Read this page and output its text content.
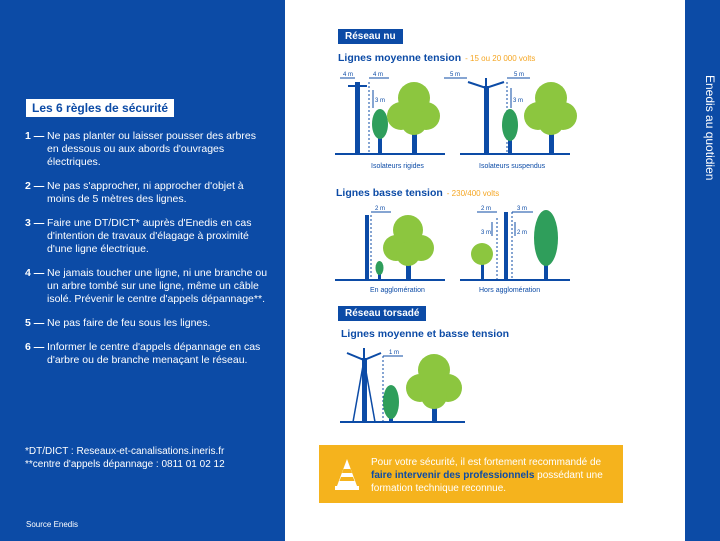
Les 6 règles de sécurité
1 — Ne pas planter ou laisser pousser des arbres en dessous ou aux abords d'ouvrages électriques.
2 — Ne pas s'approcher, ni approcher d'objet à moins de 5 mètres des lignes.
3 — Faire une DT/DICT* auprès d'Enedis en cas d'intention de travaux d'élagage à proximité d'une ligne électrique.
4 — Ne jamais toucher une ligne, ni une branche ou un arbre tombé sur une ligne, même un câble isolé. Prévenir le centre d'appels dépannage**.
5 — Ne pas faire de feu sous les lignes.
6 — Informer le centre d'appels dépannage en cas d'arbre ou de branche menaçant le réseau.
*DT/DICT : Reseaux-et-canalisations.ineris.fr
**centre d'appels dépannage : 0811 01 02 12
Source Enedis
Enedis au quotidien
Réseau nu
Lignes moyenne tension - 15 ou 20 000 volts
Isolateurs rigides	Isolateurs suspendus
Lignes basse tension - 230/400 volts
En agglomération	Hors agglomération
Réseau torsadé
Lignes moyenne et basse tension
4 m	4 m
3 m
5 m	5 m
3 m
2 m	2 m	3 m
3 m	2 m
1 m
Pour votre sécurité, il est fortement recommandé de faire intervenir des professionnels possédant une formation technique reconnue.
